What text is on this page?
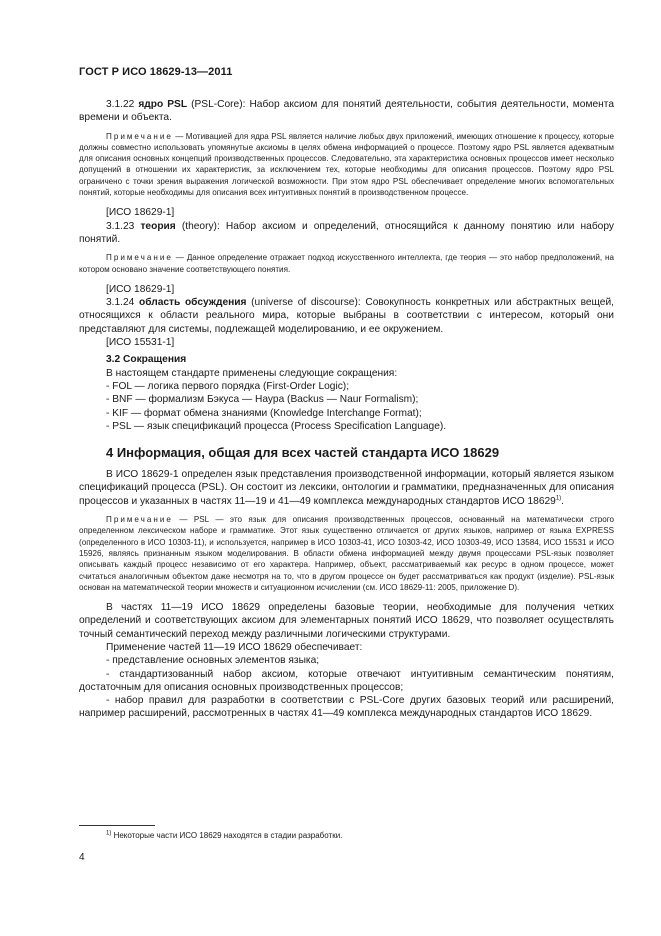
ГОСТ Р ИСО 18629-13—2011

3.1.22 ядро PSL (PSL-Core): Набор аксиом для понятий деятельности, события деятельности, момента времени и объекта.

Примечание — Мотивацией для ядра PSL является наличие любых двух приложений, имеющих отношение к процессу, которые должны совместно использовать упомянутые аксиомы в целях обмена информацией о процессе. Поэтому ядро PSL является адекватным для описания основных концепций производственных процессов. Следовательно, эта характеристика основных процессов имеет несколько допущений в отношении их характеристик, за исключением тех, которые необходимы для описания процессов. Поэтому ядро PSL ограничено с точки зрения выражения логической возможности. При этом ядро PSL обеспечивает определение многих вспомогательных понятий, которые необходимы для описания всех интуитивных понятий в производственном процессе.

[ИСО 18629-1]

3.1.23 теория (theory): Набор аксиом и определений, относящийся к данному понятию или набору понятий.

Примечание — Данное определение отражает подход искусственного интеллекта, где теория — это набор предположений, на котором основано значение соответствующего понятия.

[ИСО 18629-1]

3.1.24 область обсуждения (universe of discourse): Совокупность конкретных или абстрактных вещей, относящихся к области реального мира, которые выбраны в соответствии с интересом, который они представляют для системы, подлежащей моделированию, и ее окружением.

[ИСО 15531-1]

3.2 Сокращения

В настоящем стандарте применены следующие сокращения:

- FOL — логика первого порядка (First-Order Logic);

- BNF — формализм Бэкуса — Наура (Backus — Naur Formalism);

- KIF — формат обмена знаниями (Knowledge Interchange Format);

- PSL — язык спецификаций процесса (Process Specification Language).

4 Информация, общая для всех частей стандарта ИСО 18629

В ИСО 18629-1 определен язык представления производственной информации, который является языком спецификаций процесса (PSL). Он состоит из лексики, онтологии и грамматики, предназначенных для описания процессов и указанных в частях 11—19 и 41—49 комплекса международных стандартов ИСО 18629$^{1)}$.

Примечание — PSL — это язык для описания производственных процессов, основанный на математически строго определенном лексическом наборе и грамматике. Этот язык существенно отличается от других языков, например от языка EXPRESS (определенного в ИСО 10303-11), и используется, например в ИСО 10303-41, ИСО 10303-42, ИСО 10303-49, ИСО 13584, ИСО 15531 и ИСО 15926, являясь признанным языком моделирования. В области обмена информацией между двумя процессами PSL-язык позволяет описывать каждый процесс независимо от его характера. Например, объект, рассматриваемый как ресурс в одном процессе, может считаться аналогичным объектом даже несмотря на то, что в другом процессе он будет рассматриваться как продукт (изделие). PSL-язык основан на математической теории множеств и ситуационном исчислении (см. ИСО 18629-11: 2005, приложение D).

В частях 11—19 ИСО 18629 определены базовые теории, необходимые для получения четких определений и соответствующих аксиом для элементарных понятий ИСО 18629, что позволяет осуществлять точный семантический переход между различными логическими структурами.

Применение частей 11—19 ИСО 18629 обеспечивает:

- представление основных элементов языка;

- стандартизованный набор аксиом, которые отвечают интуитивным семантическим понятиям, достаточным для описания основных производственных процессов;

- набор правил для разработки в соответствии с PSL-Core других базовых теорий или расширений, например расширений, рассмотренных в частях 41—49 комплекса международных стандартов ИСО 18629.

$^{1)}$ Некоторые части ИСО 18629 находятся в стадии разработки.
4
